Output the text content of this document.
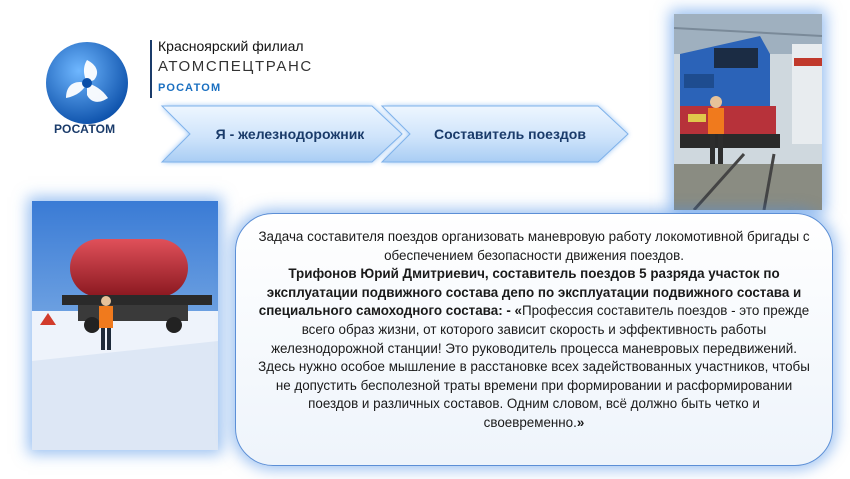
РОСАТОМ
Красноярский филиал
АТОМСПЕЦТРАНС
РОСАТОМ
Я - железнодорожник	Составитель поездов
Задача составителя поездов организовать маневровую работу локомотивной бригады с обеспечением безопасности движения поездов.
Трифонов Юрий Дмитриевич, составитель поездов 5 разряда участок по эксплуатации подвижного состава депо по эксплуатации подвижного состава и специального самоходного состава: - «Профессия составитель поездов - это прежде всего образ жизни, от которого зависит скорость и эффективность работы железнодорожной станции! Это руководитель процесса маневровых передвижений. Здесь нужно особое мышление в расстановке всех задействованных участников, чтобы не допустить бесполезной траты времени при формировании и расформировании поездов и различных составов. Одним словом, всё должно быть четко и своевременно.»
